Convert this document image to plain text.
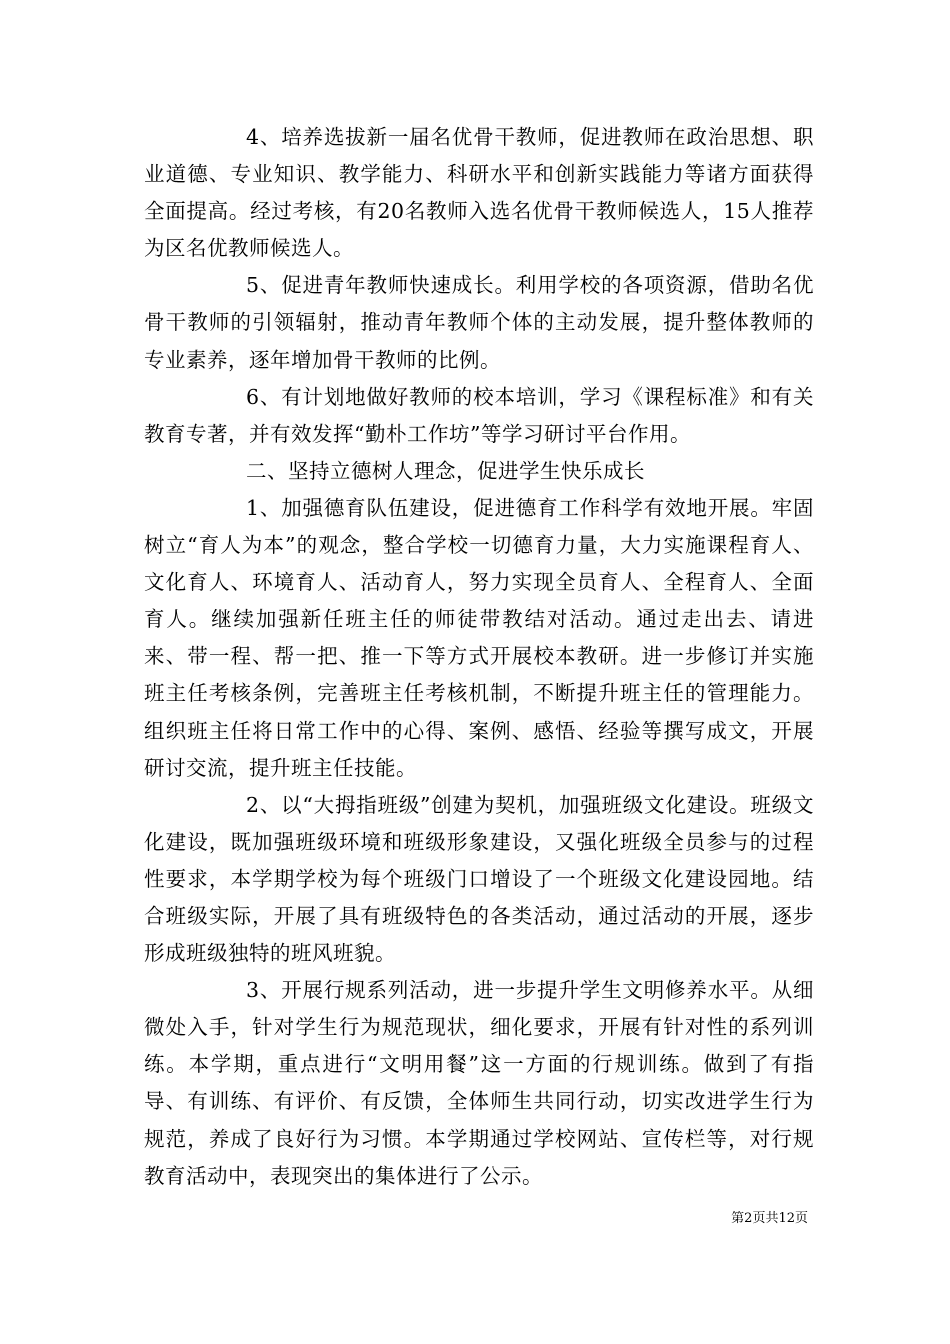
4、培养选拔新一届名优骨干教师，促进教师在政治思想、职业道德、专业知识、教学能力、科研水平和创新实践能力等诸方面获得全面提高。经过考核，有20名教师入选名优骨干教师候选人，15人推荐为区名优教师候选人。

5、促进青年教师快速成长。利用学校的各项资源，借助名优骨干教师的引领辐射，推动青年教师个体的主动发展，提升整体教师的专业素养，逐年增加骨干教师的比例。

6、有计划地做好教师的校本培训，学习《课程标准》和有关教育专著，并有效发挥“勤朴工作坊”等学习研讨平台作用。

二、坚持立德树人理念，促进学生快乐成长

1、加强德育队伍建设，促进德育工作科学有效地开展。牢固树立“育人为本”的观念，整合学校一切德育力量，大力实施课程育人、文化育人、环境育人、活动育人，努力实现全员育人、全程育人、全面育人。继续加强新任班主任的师徒带教结对活动。通过走出去、请进来、带一程、帮一把、推一下等方式开展校本教研。进一步修订并实施班主任考核条例，完善班主任考核机制，不断提升班主任的管理能力。组织班主任将日常工作中的心得、案例、感悟、经验等撰写成文，开展研讨交流，提升班主任技能。

2、以“大拇指班级”创建为契机，加强班级文化建设。班级文化建设，既加强班级环境和班级形象建设，又强化班级全员参与的过程性要求，本学期学校为每个班级门口增设了一个班级文化建设园地。结合班级实际，开展了具有班级特色的各类活动，通过活动的开展，逐步形成班级独特的班风班貌。

3、开展行规系列活动，进一步提升学生文明修养水平。从细微处入手，针对学生行为规范现状，细化要求，开展有针对性的系列训练。本学期，重点进行“文明用餐”这一方面的行规训练。做到了有指导、有训练、有评价、有反馈，全体师生共同行动，切实改进学生行为规范，养成了良好行为习惯。本学期通过学校网站、宣传栏等，对行规教育活动中，表现突出的集体进行了公示。

第2页共12页
